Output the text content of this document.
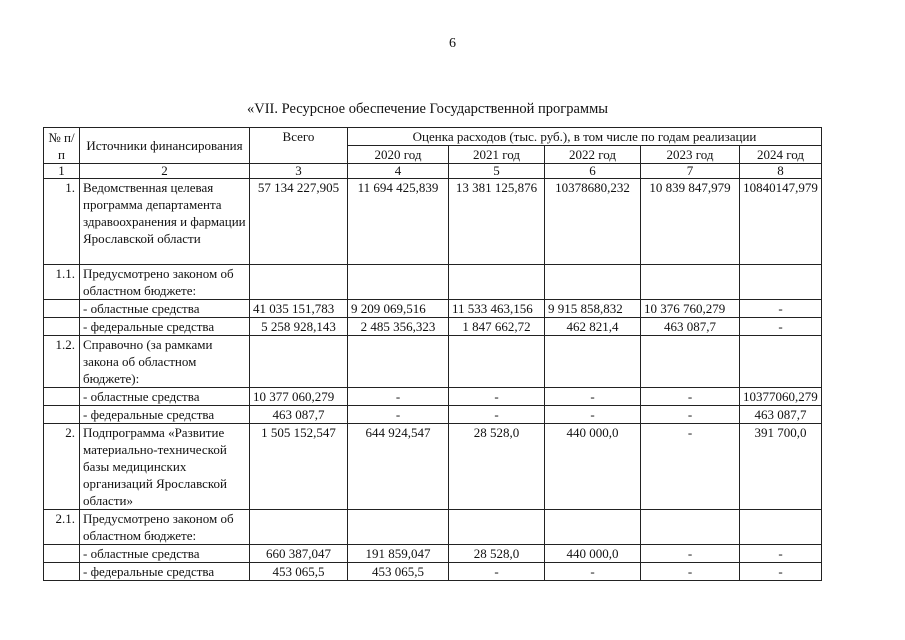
6
«VII. Ресурсное обеспечение Государственной программы
№ п/п	Источники финансирования	Всего	Оценка расходов (тыс. руб.), в том числе по годам реализации				
			2020 год	2021 год	2022 год	2023 год	2024 год
1	2	3	4	5	6	7	8
1.	Ведомственная целевая программа департамента здравоохранения и фармации Ярославской области	57 134 227,905	11 694 425,839	13 381 125,876	10378680,232	10 839 847,979	10840147,979
1.1.	Предусмотрено законом об областном бюджете:						
	- областные средства	41 035 151,783	9 209 069,516	11 533 463,156	9 915 858,832	10 376 760,279	-
	- федеральные средства	5 258 928,143	2 485 356,323	1 847 662,72	462 821,4	463 087,7	-
1.2.	Справочно (за рамками закона об областном бюджете):						
	- областные средства	10 377 060,279	-	-	-	-	10377060,279
	- федеральные средства	463 087,7	-	-	-	-	463 087,7
2.	Подпрограмма «Развитие материально-технической базы медицинских организаций Ярославской области»	1 505 152,547	644 924,547	28 528,0	440 000,0	-	391 700,0
2.1.	Предусмотрено законом об областном бюджете:						
	- областные средства	660 387,047	191 859,047	28 528,0	440 000,0	-	-
	- федеральные средства	453 065,5	453 065,5	-	-	-	-
